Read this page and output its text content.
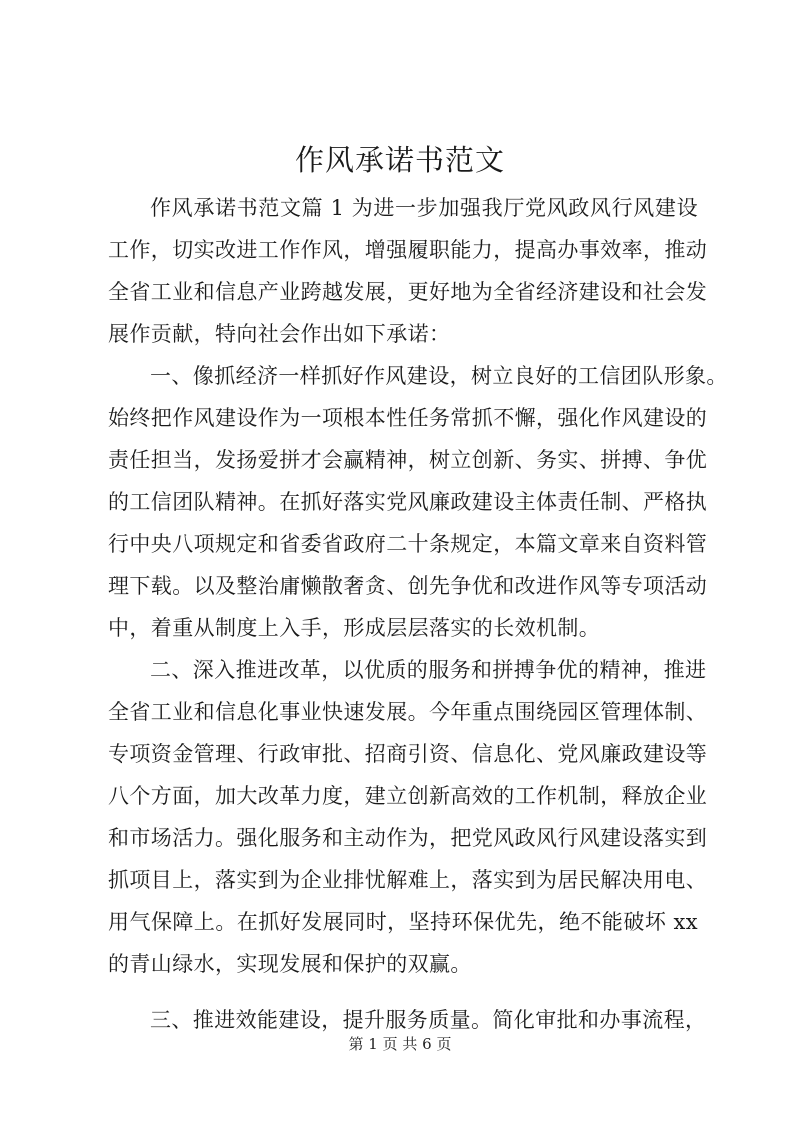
作风承诺书范文
作风承诺书范文篇 1 为进一步加强我厅党风政风行风建设
工作，切实改进工作作风，增强履职能力，提高办事效率，推动
全省工业和信息产业跨越发展，更好地为全省经济建设和社会发
展作贡献，特向社会作出如下承诺：
一、像抓经济一样抓好作风建设，树立良好的工信团队形象。
始终把作风建设作为一项根本性任务常抓不懈，强化作风建设的
责任担当，发扬爱拼才会赢精神，树立创新、务实、拼搏、争优
的工信团队精神。在抓好落实党风廉政建设主体责任制、严格执
行中央八项规定和省委省政府二十条规定，本篇文章来自资料管
理下载。以及整治庸懒散奢贪、创先争优和改进作风等专项活动
中，着重从制度上入手，形成层层落实的长效机制。
二、深入推进改革，以优质的服务和拼搏争优的精神，推进
全省工业和信息化事业快速发展。今年重点围绕园区管理体制、
专项资金管理、行政审批、招商引资、信息化、党风廉政建设等
八个方面，加大改革力度，建立创新高效的工作机制，释放企业
和市场活力。强化服务和主动作为，把党风政风行风建设落实到
抓项目上，落实到为企业排忧解难上，落实到为居民解决用电、
用气保障上。在抓好发展同时，坚持环保优先，绝不能破坏 xx
的青山绿水，实现发展和保护的双赢。
三、推进效能建设，提升服务质量。简化审批和办事流程，
第 1 页 共 6 页
